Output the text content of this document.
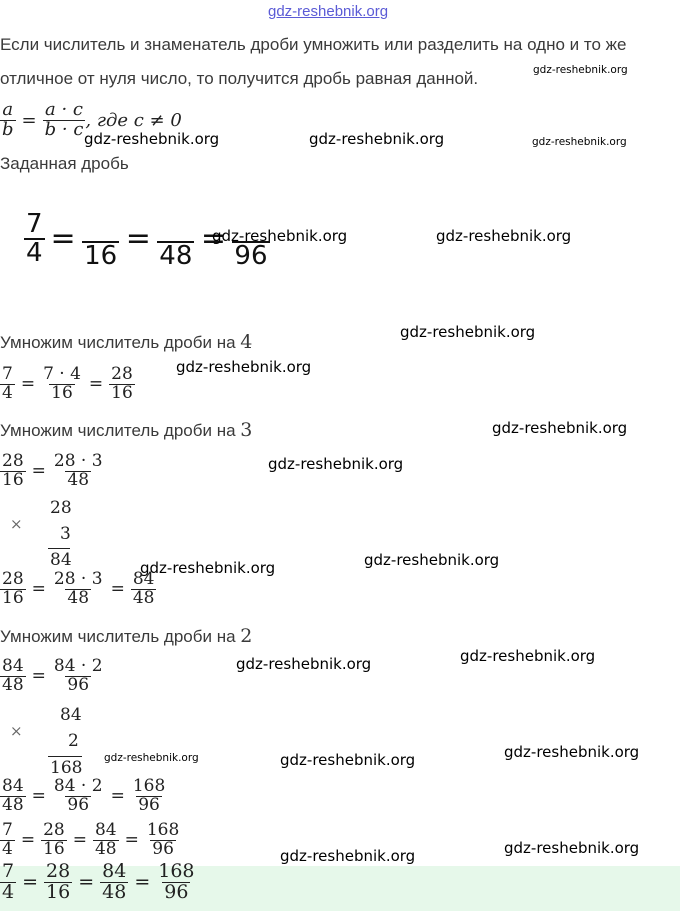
gdz-reshebnik.org
Если числитель и знаменатель дроби умножить или разделить на одно и то же
отличное от нуля число, то получится дробь равная данной.
$\frac{a}{b} = \frac{a \cdot c}{b \cdot c}$ , где c ≠ 0
Заданная дробь
$\frac{7}{4} = 16 = 48 = 96$
Умножим числитель дроби на 4
$\frac{7}{4} = \frac{7 \cdot 4}{16} = \frac{28}{16}$
Умножим числитель дроби на 3
$\frac{28}{16} = \frac{28 \cdot 3}{48}$
×
28
3
84
$\frac{28}{16} = \frac{28 \cdot 3}{48} = \frac{84}{48}$
Умножим числитель дроби на 2
$\frac{84}{48} = \frac{84 \cdot 2}{96}$
×
84
2
168
$\frac{84}{48} = \frac{84 \cdot 2}{96} = \frac{168}{96}$
$\frac{7}{4} = \frac{28}{16} = \frac{84}{48} = \frac{168}{96}$
$\frac{7}{4} = \frac{28}{16} = \frac{84}{48} = \frac{168}{96}$
gdz-reshebnik.org
gdz-reshebnik.org	gdz-reshebnik.org	gdz-reshebnik.org
gdz-reshebnik.org	gdz-reshebnik.org
gdz-reshebnik.org
gdz-reshebnik.org
gdz-reshebnik.org
gdz-reshebnik.org
gdz-reshebnik.org
gdz-reshebnik.org
gdz-reshebnik.org
gdz-reshebnik.org
gdz-reshebnik.org
gdz-reshebnik.org	gdz-reshebnik.org
gdz-reshebnik.org
gdz-reshebnik.org
